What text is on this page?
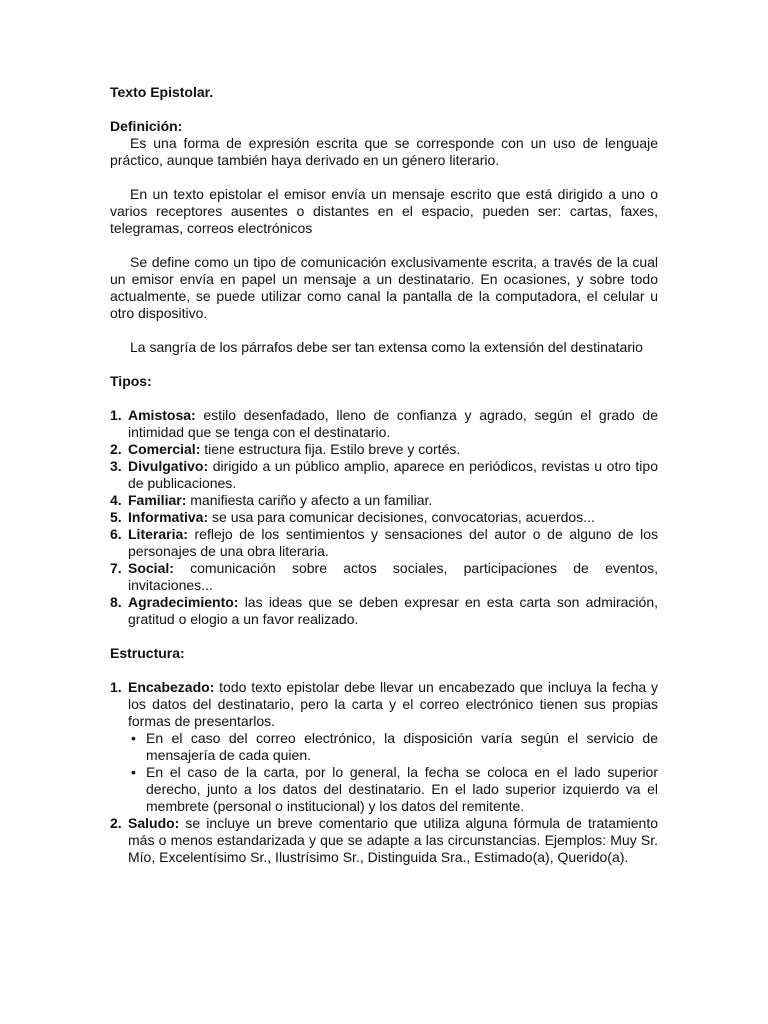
Texto Epistolar.

Definición:

Es una forma de expresión escrita que se corresponde con un uso de lenguaje práctico, aunque también haya derivado en un género literario.

En un texto epistolar el emisor envía un mensaje escrito que está dirigido a uno o varios receptores ausentes o distantes en el espacio, pueden ser: cartas, faxes, telegramas, correos electrónicos

Se define como un tipo de comunicación exclusivamente escrita, a través de la cual un emisor envía en papel un mensaje a un destinatario. En ocasiones, y sobre todo actualmente, se puede utilizar como canal la pantalla de la computadora, el celular u otro dispositivo.

La sangría de los párrafos debe ser tan extensa como la extensión del destinatario

Tipos:

1. Amistosa: estilo desenfadado, lleno de confianza y agrado, según el grado de intimidad que se tenga con el destinatario.
2. Comercial: tiene estructura fija. Estilo breve y cortés.
3. Divulgativo: dirigido a un público amplio, aparece en periódicos, revistas u otro tipo de publicaciones.
4. Familiar: manifiesta cariño y afecto a un familiar.
5. Informativa: se usa para comunicar decisiones, convocatorias, acuerdos...
6. Literaria: reflejo de los sentimientos y sensaciones del autor o de alguno de los personajes de una obra literaria.
7. Social: comunicación sobre actos sociales, participaciones de eventos, invitaciones...
8. Agradecimiento: las ideas que se deben expresar en esta carta son admiración, gratitud o elogio a un favor realizado.

Estructura:

1. Encabezado: todo texto epistolar debe llevar un encabezado que incluya la fecha y los datos del destinatario, pero la carta y el correo electrónico tienen sus propias formas de presentarlos.
• En el caso del correo electrónico, la disposición varía según el servicio de mensajería de cada quien.
• En el caso de la carta, por lo general, la fecha se coloca en el lado superior derecho, junto a los datos del destinatario. En el lado superior izquierdo va el membrete (personal o institucional) y los datos del remitente.
2. Saludo: se incluye un breve comentario que utiliza alguna fórmula de tratamiento más o menos estandarizada y que se adapte a las circunstancias. Ejemplos: Muy Sr. Mío, Excelentísimo Sr., Ilustrísimo Sr., Distinguida Sra., Estimado(a), Querido(a).
